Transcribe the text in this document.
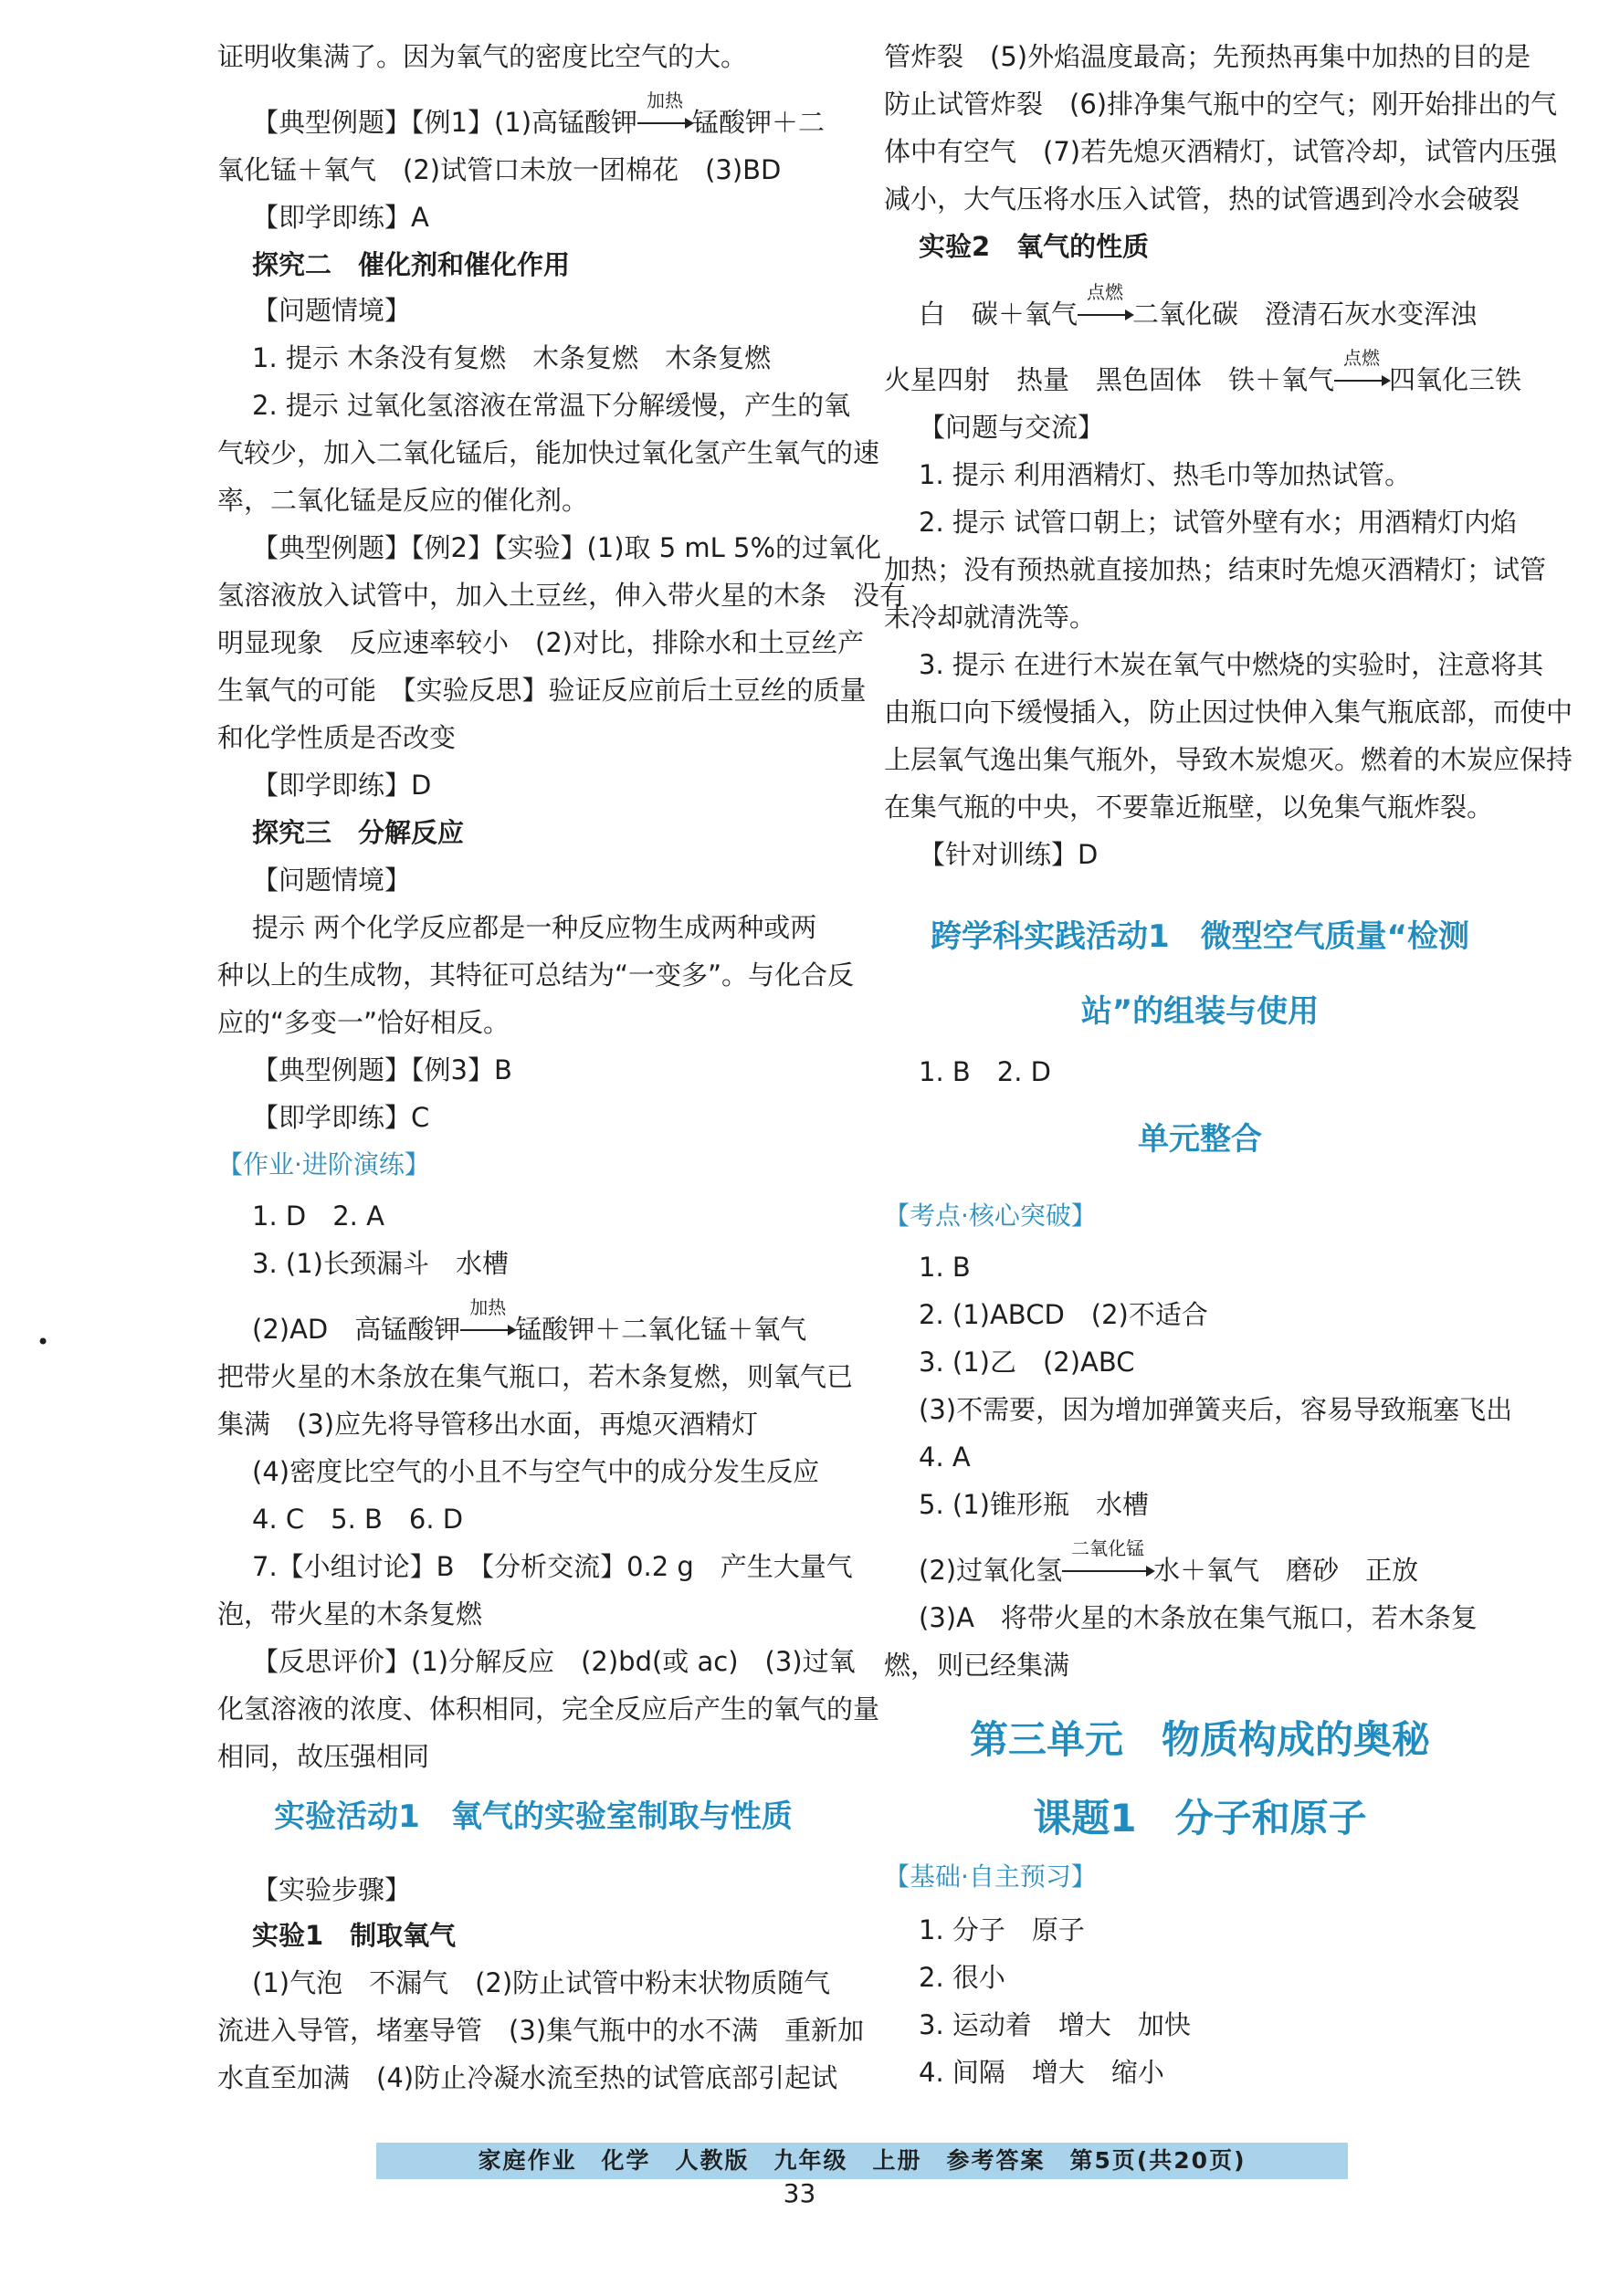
证明收集满了。因为氧气的密度比空气的大。
【典型例题】【例1】(1)高锰酸钾
加热
锰酸钾＋二
氧化锰＋氧气　(2)试管口未放一团棉花　(3)BD
【即学即练】A
探究二　催化剂和催化作用
【问题情境】
1. 提示 木条没有复燃　木条复燃　木条复燃
2. 提示 过氧化氢溶液在常温下分解缓慢，产生的氧
气较少，加入二氧化锰后，能加快过氧化氢产生氧气的速
率，二氧化锰是反应的催化剂。
【典型例题】【例2】【实验】(1)取 5 mL 5%的过氧化
氢溶液放入试管中，加入土豆丝，伸入带火星的木条　没有
明显现象　反应速率较小　(2)对比，排除水和土豆丝产
生氧气的可能　【实验反思】验证反应前后土豆丝的质量
和化学性质是否改变
【即学即练】D
探究三　分解反应
【问题情境】
提示 两个化学反应都是一种反应物生成两种或两
种以上的生成物，其特征可总结为“一变多”。与化合反
应的“多变一”恰好相反。
【典型例题】【例3】B
【即学即练】C
【作业·进阶演练】
1. D　2. A
3. (1)长颈漏斗　水槽
(2)AD　高锰酸钾
加热
锰酸钾＋二氧化锰＋氧气
把带火星的木条放在集气瓶口，若木条复燃，则氧气已
集满　(3)应先将导管移出水面，再熄灭酒精灯
(4)密度比空气的小且不与空气中的成分发生反应
4. C　5. B　6. D
7.【小组讨论】B　【分析交流】0.2 g　产生大量气
泡，带火星的木条复燃
【反思评价】(1)分解反应　(2)bd(或 ac)　(3)过氧
化氢溶液的浓度、体积相同，完全反应后产生的氧气的量
相同，故压强相同
实验活动1　氧气的实验室制取与性质
【实验步骤】
实验1　制取氧气
(1)气泡　不漏气　(2)防止试管中粉末状物质随气
流进入导管，堵塞导管　(3)集气瓶中的水不满　重新加
水直至加满　(4)防止冷凝水流至热的试管底部引起试
管炸裂　(5)外焰温度最高；先预热再集中加热的目的是
防止试管炸裂　(6)排净集气瓶中的空气；刚开始排出的气
体中有空气　(7)若先熄灭酒精灯，试管冷却，试管内压强
减小，大气压将水压入试管，热的试管遇到冷水会破裂
实验2　氧气的性质
白　碳＋氧气
点燃
二氧化碳　澄清石灰水变浑浊
火星四射　热量　黑色固体　铁＋氧气
点燃
四氧化三铁
【问题与交流】
1. 提示 利用酒精灯、热毛巾等加热试管。
2. 提示 试管口朝上；试管外壁有水；用酒精灯内焰
加热；没有预热就直接加热；结束时先熄灭酒精灯；试管
未冷却就清洗等。
3. 提示 在进行木炭在氧气中燃烧的实验时，注意将其
由瓶口向下缓慢插入，防止因过快伸入集气瓶底部，而使中
上层氧气逸出集气瓶外，导致木炭熄灭。燃着的木炭应保持
在集气瓶的中央，不要靠近瓶壁，以免集气瓶炸裂。
【针对训练】D
跨学科实践活动1　微型空气质量“检测
站”的组装与使用
1. B　2. D
单元整合
【考点·核心突破】
1. B
2. (1)ABCD　(2)不适合
3. (1)乙　(2)ABC
(3)不需要，因为增加弹簧夹后，容易导致瓶塞飞出
4. A
5. (1)锥形瓶　水槽
(2)过氧化氢
二氧化锰
水＋氧气　磨砂　正放
(3)A　将带火星的木条放在集气瓶口，若木条复
燃，则已经集满
第三单元　物质构成的奥秘
课题1　分子和原子
【基础·自主预习】
1. 分子　原子
2. 很小
3. 运动着　增大　加快
4. 间隔　增大　缩小
•
家庭作业　化学　人教版　九年级　上册　参考答案　第5页(共20页)
33
